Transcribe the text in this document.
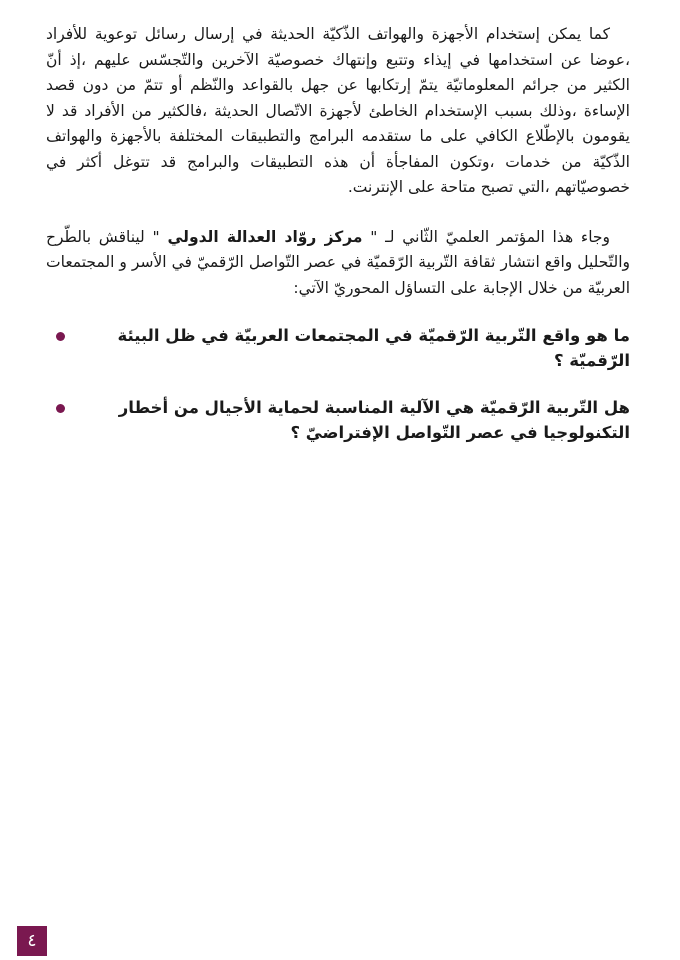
كما يمكن إستخدام الأجهزة والهواتف الذّكيّة الحديثة في إرسال رسائل توعوية للأفراد ،عوضا عن استخدامها في إيذاء وتتبع وإنتهاك خصوصيّة الآخرين والتّجسّس عليهم ،إذ أنّ الكثير من جرائم المعلوماتيّة يتمّ إرتكابها عن جهل بالقواعد والنّظم أو تتمّ من دون قصد الإساءة ،وذلك بسبب الإستخدام الخاطئ لأجهزة الاتّصال الحديثة ،فالكثير من الأفراد قد لا يقومون بالإطّلاع الكافي على ما ستقدمه البرامج والتطبيقات المختلفة بالأجهزة والهواتف الذّكيّة من خدمات ،وتكون المفاجأة أن هذه التطبيقات والبرامج قد تتوغل أكثر في خصوصيّاتهم ،التي تصبح متاحة على الإنترنت.

وجاء هذا المؤتمر العلميّ الثّاني لـ " مركز روّاد العدالة الدولي " ليناقش بالطّرح والتّحليل واقع انتشار ثقافة التّربية الرّقميّة في عصر التّواصل الرّقميّ في الأسر و المجتمعات العربيّة من خلال الإجابة على التساؤل المحوريّ الآتي:

ما هو واقع التّربية الرّقميّة في المجتمعات العربيّة في ظل البيئة الرّقميّة ؟
هل التّربية الرّقميّة هي الآلية المناسبة لحماية الأجيال من أخطار التكنولوجيا في عصر التّواصل الإفتراضيّ ؟
٤
